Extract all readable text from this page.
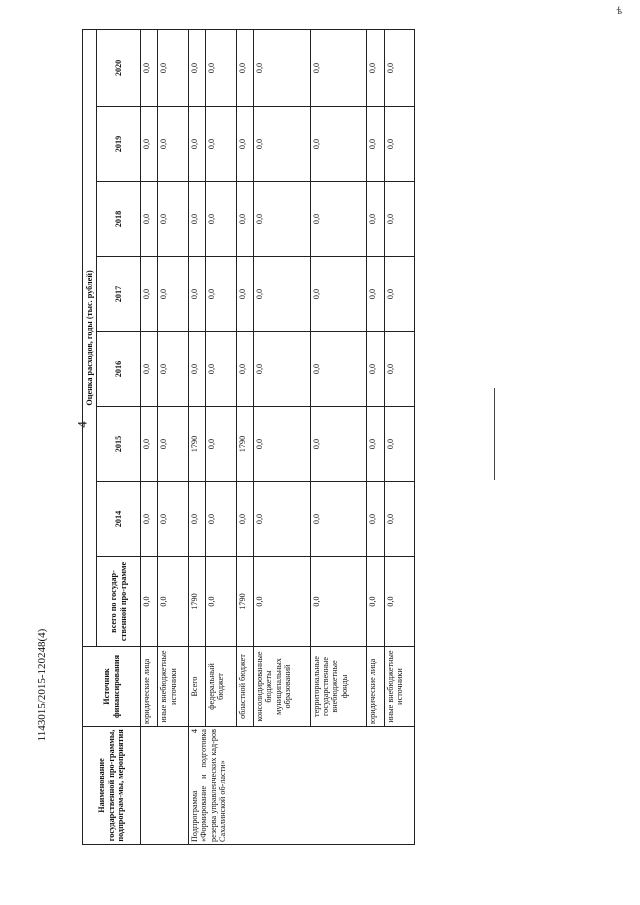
ѣ
4
1143015/2015-120248(4)
Наименование государственной про-граммы, подпрограм-мы, мероприятия	Источник финансирования	Оценка расходов, годы (тыс. рублей)							
		всего по государ-ственной про-грамме	2014	2015	2016	2017	2018	2019	2020
	юридические лица	0,0	0,0	0,0	0,0	0,0	0,0	0,0	0,0
	иные внебюджетные источники	0,0	0,0	0,0	0,0	0,0	0,0	0,0	0,0
Подпрограмма 4 «Формирование и подготовка резерва управленческих кад-ров Сахалинской об-ласти»	Всего	1790	0,0	1790	0,0	0,0	0,0	0,0	0,0
	федеральный бюджет	0,0	0,0	0,0	0,0	0,0	0,0	0,0	0,0
	областной бюджет	1790	0,0	1790	0,0	0,0	0,0	0,0	0,0
	консолидированные бюджеты муниципальных образований	0,0	0,0	0,0	0,0	0,0	0,0	0,0	0,0
	территориальные государственные внебюджетные фонды	0,0	0,0	0,0	0,0	0,0	0,0	0,0	0,0
	юридические лица	0,0	0,0	0,0	0,0	0,0	0,0	0,0	0,0
	иные внебюджетные источники	0,0	0,0	0,0	0,0	0,0	0,0	0,0	0,0
